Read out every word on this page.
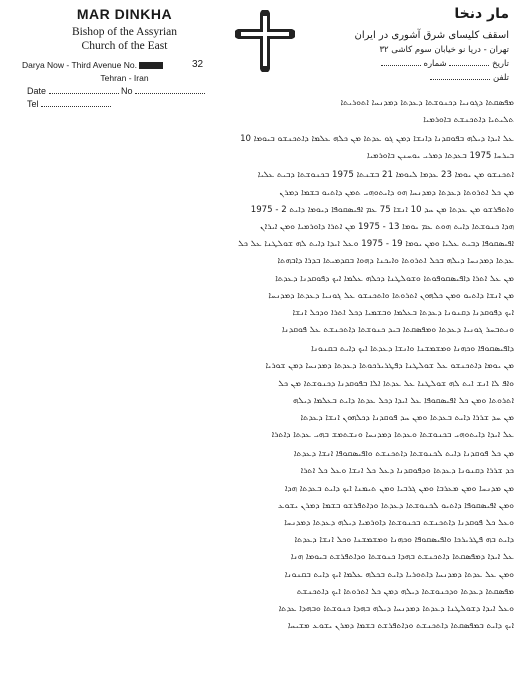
MAR DINKHA
Bishop of the Assyrian
Church of the East
Darya Now - Third Avenue No.	32
Tehran - Iran
Date	No
Tel
مار دنخا
اسقف کلیسای شرق آشوری در ایران
تهران - دریا نو خیابان سوم کاشی ۳۲
تاریخ  شماره
تلفن
ܡܦܣܩܬܐ ܕܓܘܢܝܐ ܕܟܢܘܫܬܐ ܕܥܕܬܐ ܕܡܕܢܚܐ ܐܬܘܪܝܬܐ
ܬܠܝܬܝܐ ܕܐܬܟܢܫܬ ܒܐܘܪܡܝܐ
ܥܠ ܐܝܕܐ ܕܝܠܗ ܒܦܘܩܕܢܐ ܕܐܢܫܐ ܕܡܢ ܓܘ ܥܕܬܐ ܡܢ ܟܠܗ ܥܠܡܐ ܕܐܬܟܢܫܘ ܒܝܘܡܐ 10
ܒܝܪܚܐ 1975 ܒܥܕܬܐ ܕܡܪܝ ܝܘܚܢܢ ܒܐܘܪܡܝܐ
ܐܬܟܢܫܘ ܡܢ ܝܘܡܐ 23 ܥܕܡܐ ܠܝܘܡܐ 21 ܒܫܢܬܐ 1975 ܒܟܢܘܫܬܐ ܕܒܝܬ ܥܠܝܐ
ܡܢ ܟܠ ܐܬܪܘܬܐ ܕܥܕܬܐ ܕܡܕܢܚܐ ܗܘ ܕܐܝܬܘܗܝ ܬܡܢ ܕܐܬܝܘ ܒܫܡܐ ܕܡܪܢ
ܘܐܬܦܪܫܘ ܡܢ ܥܕܬܐ ܡܢ ܚܕ 10 ܐܢܫܐ 75 ܥܡ ܐܦܝܣܩܘܦܐ ܕܝܘܡܐ ܕܐܝܬ 2 - 1975
ܗܕܐ ܟܢܘܫܬܐ ܕܐܝܬ ܗܘܬ ܥܡ ܝܘܡܐ 13 - 1975 ܡܢ ܐܬܪܐ ܕܐܘܪܡܝܐ ܘܡܢ ܐܝܪܐܢ
ܐܦܝܣܩܘܦܐ ܕܒܝܬ ܥܠܝܐ ܘܡܢ ܝܘܡܐ 19 - 1975 ܘܥܠ ܐܝܕܐ ܕܐܝܬ ܠܗ ܫܘܠܛܢܐ ܥܠ ܟܠ
ܥܕܬܐ ܕܡܕܢܚܐ ܕܝܠܗ ܒܟܠ ܐܬܪܘܬܐ ܘܐܝܟܢܐ ܕܗܘܐ ܒܩܕܡܝܬܐ ܒܕܪܐ ܕܐܒܗܬܐ
ܡܢ ܥܠ ܐܬܪܐ ܕܐܦܝܣܩܘܦܘܬܐ ܘܫܘܠܛܢܐ ܕܟܠܗ ܥܠܡܐ ܐܝܟ ܕܦܘܩܕܢܐ ܕܥܕܬܐ
ܡܢ ܐܢܫܐ ܕܐܬܝܘ ܘܡܢ ܟܠܗܘܢ ܐܬܪܘܬܐ ܘܐܬܟܢܫܘ ܥܠ ܓܘܢܝܐ ܕܥܕܬܐ ܕܡܕܢܚܐ
ܐܝܟ ܕܦܘܩܕܢܐ ܕܩܢܘܢܐ ܕܥܕܬܐ ܒܥܠܡܐ ܘܒܫܡܝܐ ܕܟܠ ܐܬܪܐ ܘܕܟܠ ܐܢܫܐ
ܘܢܬܒܚܪ ܓܘܢܝܐ ܕܥܕܬܐ ܘܡܦܣܩܬܐ ܒܝܕ ܟܢܘܫܬܐ ܕܐܬܟܢܫܬ ܥܠ ܦܘܩܕܢܐ
ܕܐܦܝܣܩܘܦܐ ܘܟܗܢܐ ܘܡܫܡܫܢܐ ܘܐܢܫܐ ܕܥܕܬܐ ܐܝܟ ܕܐܝܬ ܒܩܢܘܢܐ
ܡܢ ܝܘܡܐ ܕܐܬܟܢܫܘ ܥܠ ܫܘܠܛܢܐ ܕܦܛܪܝܪܟܘܬܐ ܕܥܕܬܐ ܕܡܕܢܚܐ ܕܡܢ ܫܘܪܝܐ
ܘܐܦ ܠܐ ܐܢܫ ܐܝܬ ܠܗ ܫܘܠܛܢܐ ܥܠ ܥܕܬܐ ܐܠܐ ܒܦܘܩܕܢܐ ܕܟܢܘܫܬܐ ܡܢ ܟܠ
ܐܬܪܘܬܐ ܘܡܢ ܟܠ ܐܦܝܣܩܘܦܐ ܥܠ ܐܝܕܐ ܕܟܠ ܥܕܬܐ ܕܐܝܬ ܒܥܠܡܐ ܕܝܠܗ
ܡܢ ܚܕ ܫܪܪܐ ܕܐܝܬ ܒܥܕܬܐ ܘܡܢ ܚܕ ܦܘܩܕܢܐ ܕܟܠܗܘܢ ܐܢܫܐ ܕܥܕܬܐ
ܥܠ ܐܝܕܐ ܕܐܝܬܘܗܝ ܒܟܢܘܫܬܐ ܘܥܕܬܐ ܕܡܕܢܚܐ ܘܢܫܬܡܫ ܒܗܝ ܥܕܬܐ ܕܐܬܪܐ
ܡܢ ܟܠ ܦܘܩܕܢܐ ܕܐܝܬ ܠܟܢܘܫܬܐ ܕܐܬܟܢܫܬ ܘܐܦܝܣܩܘܦܐ ܐܢܫܐ ܕܥܕܬܐ
ܟܕ ܫܪܪܐ ܕܩܢܘܢܐ ܕܥܕܬܐ ܘܕܦܘܩܕܢܐ ܕܥܠ ܟܠ ܐܢܫܐ ܘܥܠ ܟܠ ܐܬܪܐ
ܡܢ ܡܕܢܚܐ ܘܡܢ ܡܥܪܒܐ ܘܡܢ ܓܪܒܝܐ ܘܡܢ ܬܝܡܢܐ ܐܝܟ ܕܐܝܬ ܒܥܕܬܐ ܗܕܐ
ܘܡܢ ܐܦܝܣܩܘܦܐ ܕܐܬܝܘ ܠܟܢܘܫܬܐ ܕܥܕܬܐ ܘܕܐܬܦܪܫܘ ܒܫܡܐ ܕܡܪܢ ܝܫܘܥ
ܘܥܠ ܟܠ ܦܘܩܕܢܐ ܕܐܬܟܢܫܬ ܒܟܢܘܫܬܐ ܕܐܘܪܡܝܐ ܕܝܠܗ ܕܥܕܬܐ ܕܡܕܢܚܐ
ܕܐܝܬ ܒܗ ܦܛܪܝܪܟܐ ܘܐܦܝܣܩܘܦܐ ܘܟܗܢܐ ܘܡܫܡܫܢܐ ܘܟܠ ܐܢܫܐ ܕܥܕܬܐ
ܥܠ ܐܝܕܐ ܕܡܦܣܩܬܐ ܕܐܬܟܢܫܬ ܒܗܕܐ ܟܢܘܫܬܐ ܘܕܐܬܦܪܫܬ ܒܝܘܡܐ ܗܢܐ
ܘܡܢ ܥܠ ܥܕܬܐ ܕܡܕܢܚܐ ܕܐܬܘܪܝܐ ܕܐܝܬ ܒܟܠܗ ܥܠܡܐ ܐܝܟ ܕܐܝܬ ܒܩܢܘܢܐ
ܡܦܣܩܬܐ ܕܥܕܬܐ ܘܕܟܢܘܫܬܐ ܕܝܠܗ ܕܡܢ ܟܠ ܐܬܪܘܬܐ ܐܝܟ ܕܐܬܟܢܫܬ
ܘܥܠ ܐܝܕܐ ܕܫܘܠܛܢܐ ܕܥܕܬܐ ܕܡܕܢܚܐ ܕܝܠܗ ܒܗܕܐ ܟܢܘܫܬܐ ܘܒܗܕܐ ܥܕܬܐ
ܐܝܟ ܕܐܝܬ ܒܡܦܣܩܬܐ ܕܐܬܟܢܫܬ ܘܕܐܬܦܪܫܬ ܒܫܡܐ ܕܡܪܢ ܝܫܘܥ ܡܫܝܚܐ
